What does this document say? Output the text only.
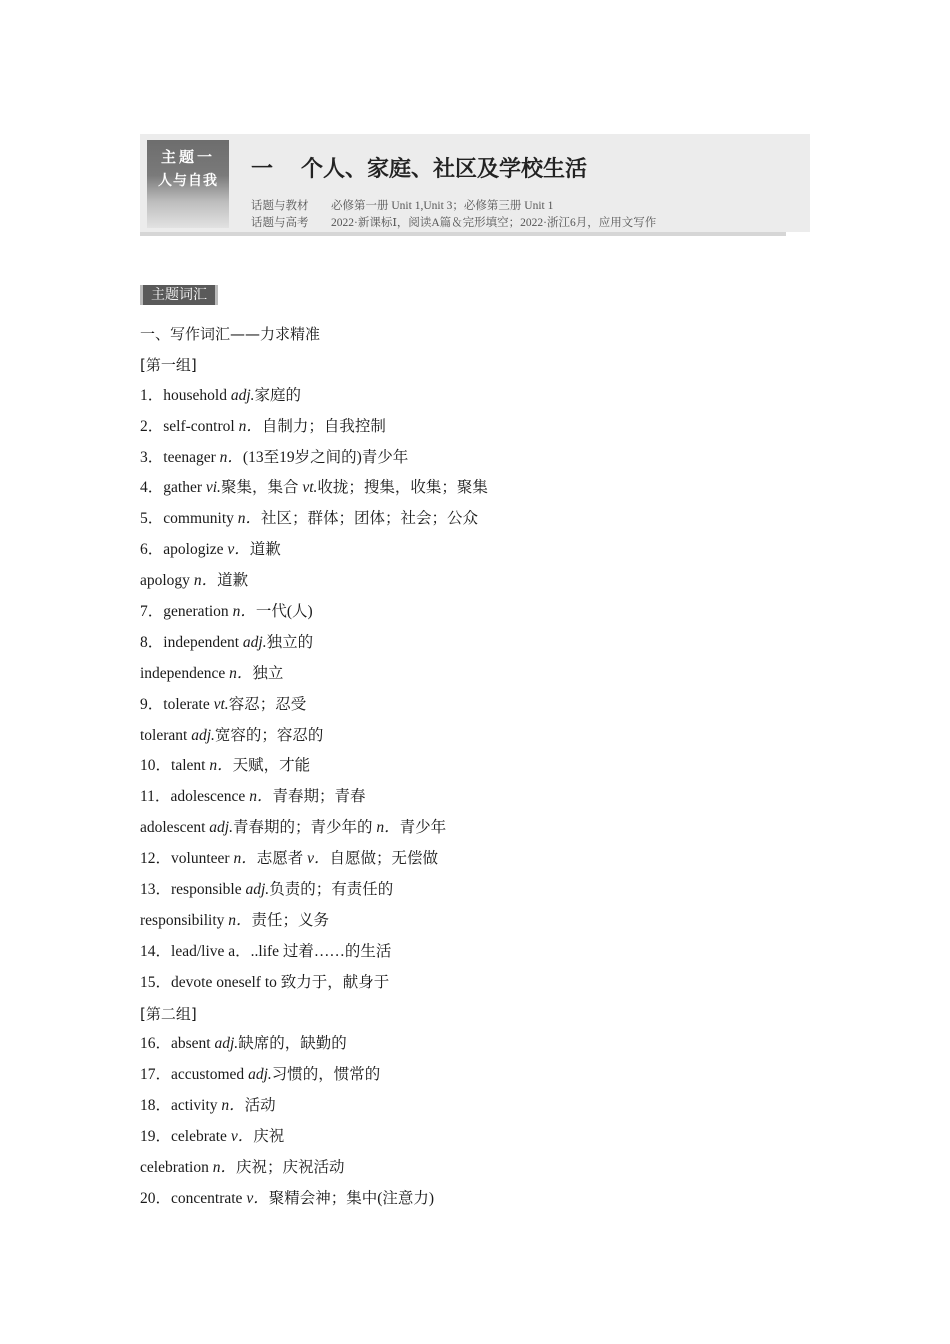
主题一
人与自我	一 个人、家庭、社区及学校生活
话题与教材 必修第一册 Unit 1,Unit 3；必修第三册 Unit 1
话题与高考 2022·新课标Ⅰ，阅读A篇＆完形填空；2022·浙江6月，应用文写作
主题词汇
一、写作词汇——力求精准
[第一组]
1．household adj.家庭的
2．self-control n．自制力；自我控制
3．teenager n．(13至19岁之间的)青少年
4．gather vi.聚集，集合 vt.收拢；搜集，收集；聚集
5．community n．社区；群体；团体；社会；公众
6．apologize v．道歉
apology n．道歉
7．generation n．一代(人)
8．independent adj.独立的
independence n．独立
9．tolerate vt.容忍；忍受
tolerant adj.宽容的；容忍的
10．talent n．天赋，才能
11．adolescence n．青春期；青春
adolescent adj.青春期的；青少年的 n．青少年
12．volunteer n．志愿者 v．自愿做；无偿做
13．responsible adj.负责的；有责任的
responsibility n．责任；义务
14．lead/live a．..life 过着……的生活
15．devote oneself to 致力于，献身于
[第二组]
16．absent adj.缺席的，缺勤的
17．accustomed adj.习惯的，惯常的
18．activity n．活动
19．celebrate v．庆祝
celebration n．庆祝；庆祝活动
20．concentrate v．聚精会神；集中(注意力)
